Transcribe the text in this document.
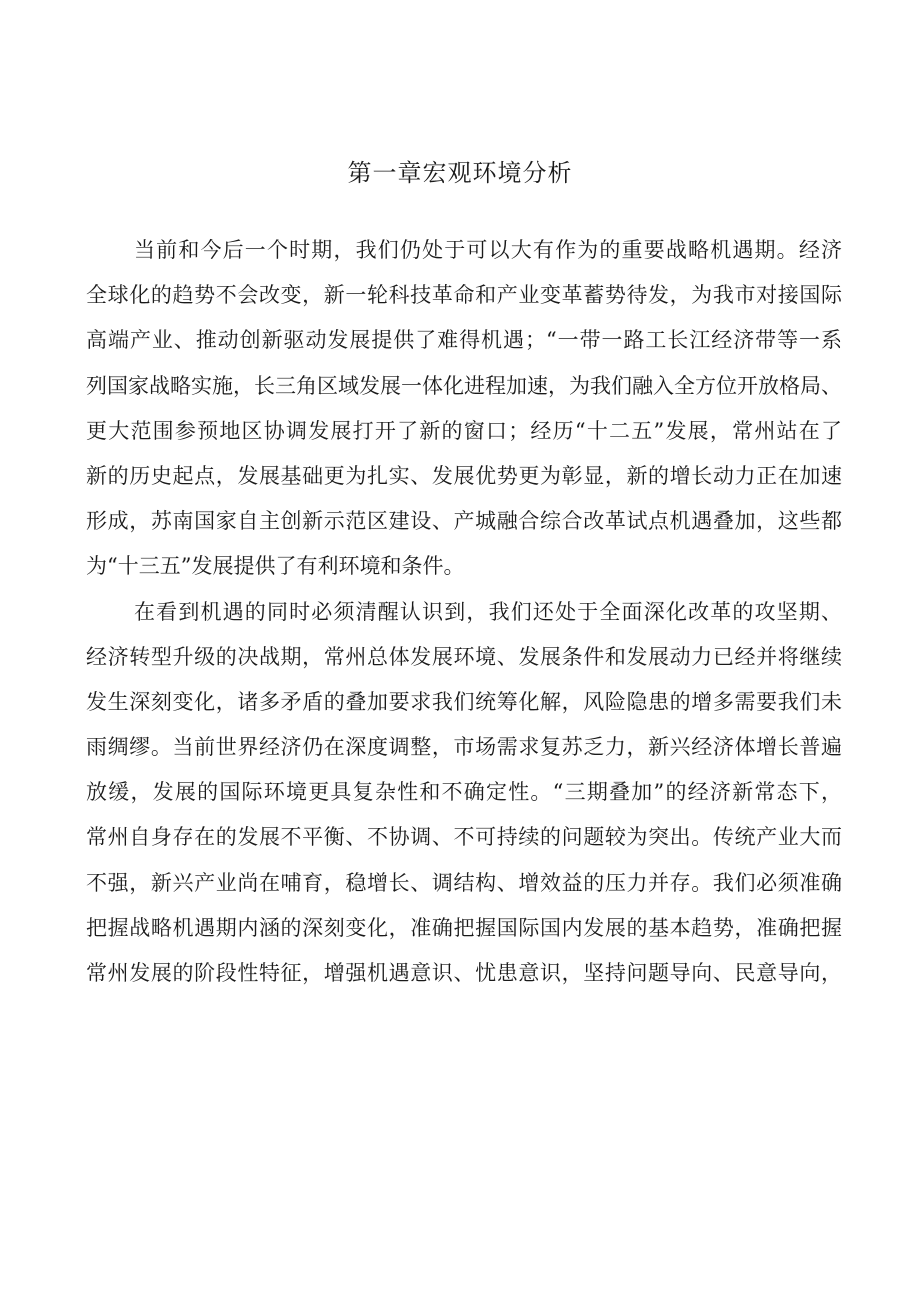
第一章宏观环境分析
当前和今后一个时期，我们仍处于可以大有作为的重要战略机遇期。经济
全球化的趋势不会改变，新一轮科技革命和产业变革蓄势待发，为我市对接国际
高端产业、推动创新驱动发展提供了难得机遇；“一带一路工长江经济带等一系
列国家战略实施，长三角区域发展一体化进程加速，为我们融入全方位开放格局、
更大范围参预地区协调发展打开了新的窗口；经历“十二五”发展，常州站在了
新的历史起点，发展基础更为扎实、发展优势更为彰显，新的增长动力正在加速
形成，苏南国家自主创新示范区建设、产城融合综合改革试点机遇叠加，这些都
为“十三五”发展提供了有利环境和条件。
在看到机遇的同时必须清醒认识到，我们还处于全面深化改革的攻坚期、
经济转型升级的决战期，常州总体发展环境、发展条件和发展动力已经并将继续
发生深刻变化，诸多矛盾的叠加要求我们统筹化解，风险隐患的增多需要我们未
雨绸缪。当前世界经济仍在深度调整，市场需求复苏乏力，新兴经济体增长普遍
放缓，发展的国际环境更具复杂性和不确定性。“三期叠加”的经济新常态下，
常州自身存在的发展不平衡、不协调、不可持续的问题较为突出。传统产业大而
不强，新兴产业尚在哺育，稳增长、调结构、增效益的压力并存。我们必须准确
把握战略机遇期内涵的深刻变化，准确把握国际国内发展的基本趋势，准确把握
常州发展的阶段性特征，增强机遇意识、忧患意识，坚持问题导向、民意导向，
